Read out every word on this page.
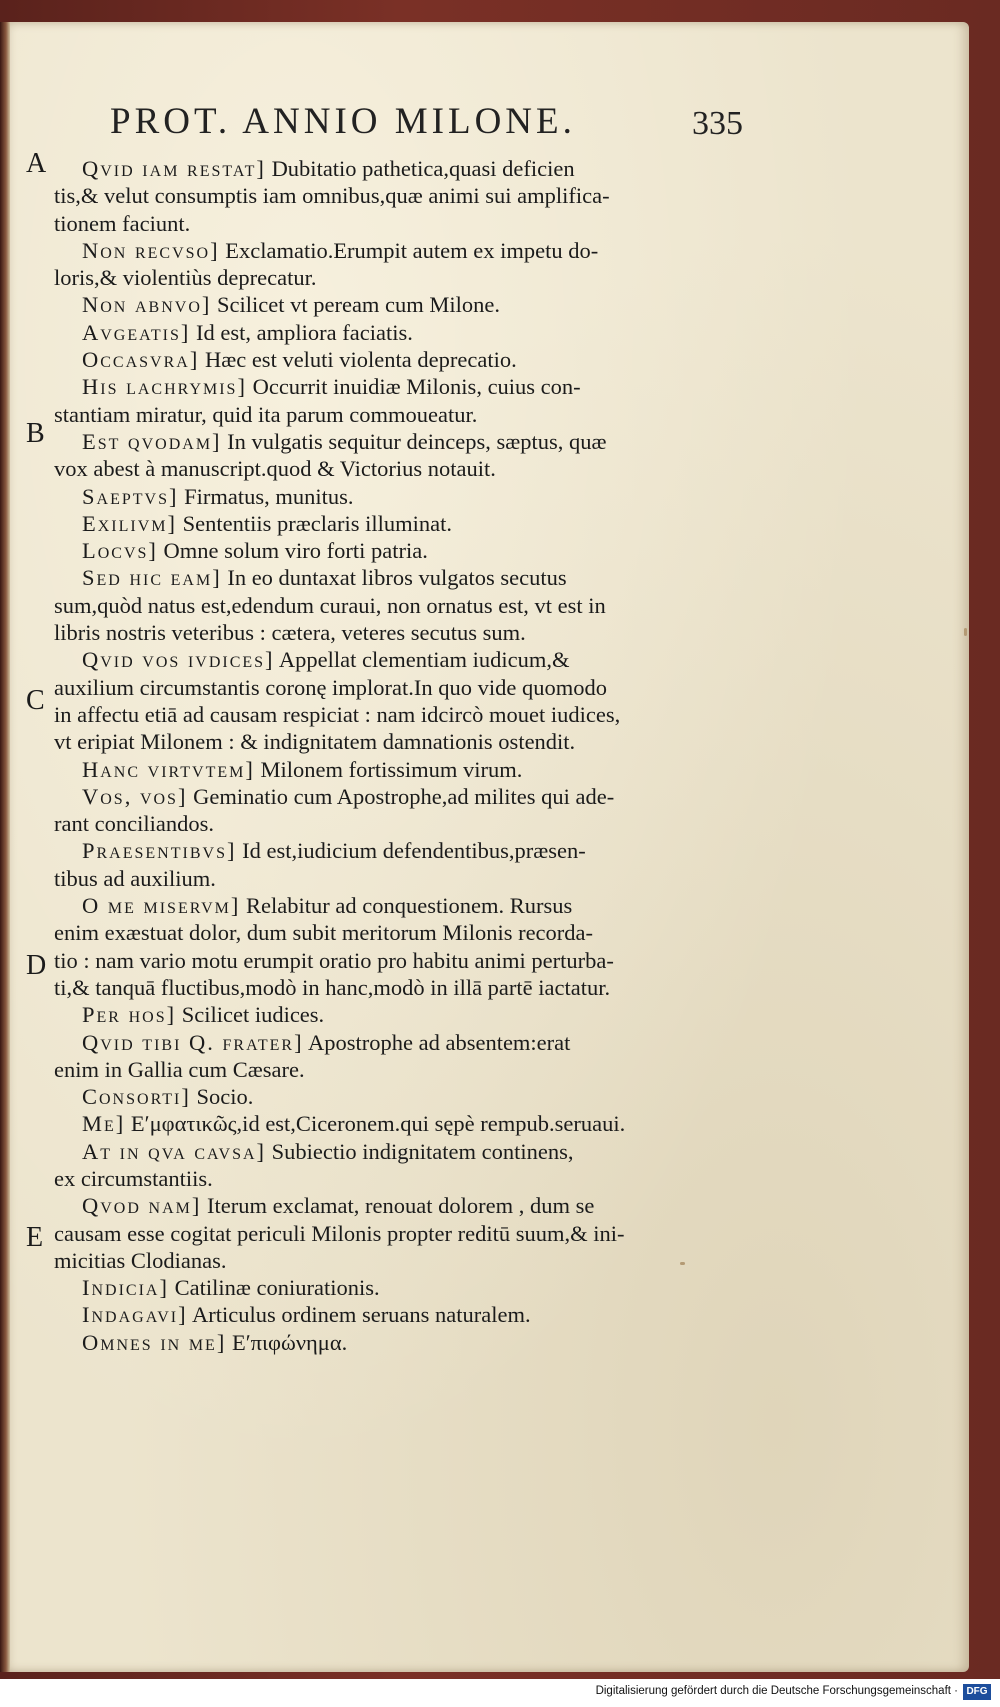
PROT. ANNIO MILONE.	335
A
B
C
D
E
Qvid iam restat] Dubitatio pathetica,quasi deficien
tis,& velut consumptis iam omnibus,quæ animi sui amplifica-
tionem faciunt.
Non recvso] Exclamatio.Erumpit autem ex impetu do-
loris,& violentiùs deprecatur.
Non abnvo] Scilicet vt peream cum Milone.
Avgeatis] Id est, ampliora faciatis.
Occasvra] Hæc est veluti violenta deprecatio.
His lachrymis] Occurrit inuidiæ Milonis, cuius con-
stantiam miratur, quid ita parum commoueatur.
Est qvodam] In vulgatis sequitur deinceps, sæptus, quæ
vox abest à manuscript.quod & Victorius notauit.
Saeptvs] Firmatus, munitus.
Exilivm] Sententiis præclaris illuminat.
Locvs] Omne solum viro forti patria.
Sed hic eam] In eo duntaxat libros vulgatos secutus
sum,quòd natus est,edendum curaui, non ornatus est, vt est in
libris nostris veteribus : cætera, veteres secutus sum.
Qvid vos ivdices] Appellat clementiam iudicum,&
auxilium circumstantis coronę implorat.In quo vide quomodo
in affectu etiā ad causam respiciat : nam idcircò mouet iudices,
vt eripiat Milonem : & indignitatem damnationis ostendit.
Hanc virtvtem] Milonem fortissimum virum.
Vos, vos] Geminatio cum Apostrophe,ad milites qui ade-
rant conciliandos.
Praesentibvs] Id est,iudicium defendentibus,præsen-
tibus ad auxilium.
O me miservm] Relabitur ad conquestionem. Rursus
enim exæstuat dolor, dum subit meritorum Milonis recorda-
tio : nam vario motu erumpit oratio pro habitu animi perturba-
ti,& tanquā fluctibus,modò in hanc,modò in illā partē iactatur.
Per hos] Scilicet iudices.
Qvid tibi Q. frater] Apostrophe ad absentem:erat
enim in Gallia cum Cæsare.
Consorti] Socio.
Me] Eʹμφατικῶς,id est,Ciceronem.qui sępè rempub.seruaui.
At in qva cavsa] Subiectio indignitatem continens,
ex circumstantiis.
Qvod nam] Iterum exclamat, renouat dolorem , dum se
causam esse cogitat periculi Milonis propter reditū suum,& ini-
micitias Clodianas.
Indicia] Catilinæ coniurationis.
Indagavi] Articulus ordinem seruans naturalem.
Omnes in me] Eʹπιφώνημα.
Digitalisierung gefördert durch die Deutsche Forschungsgemeinschaft · DFG
